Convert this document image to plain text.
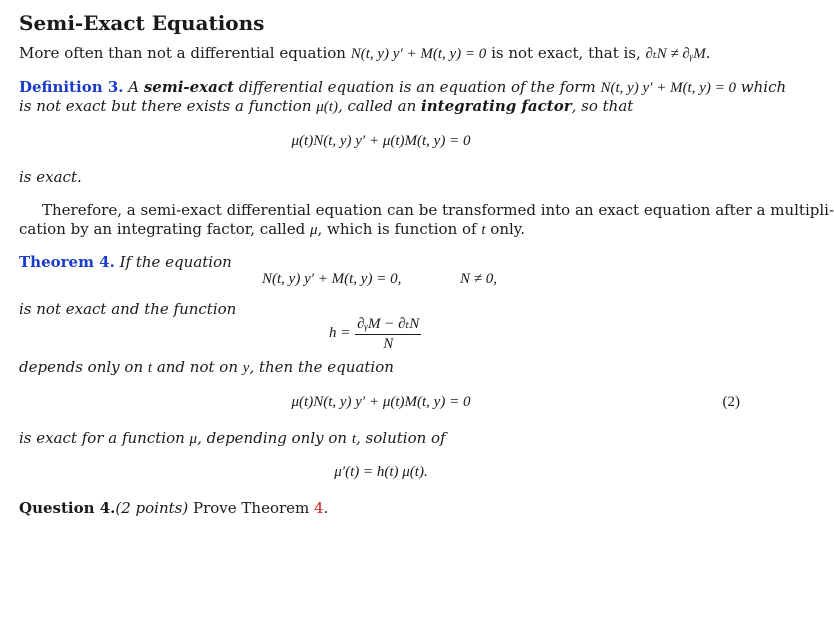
Semi-Exact Equations
More often than not a differential equation N(t, y) y′ + M(t, y) = 0 is not exact, that is, ∂ₜN ≠ ∂ᵧM.
Definition 3. A semi-exact differential equation is an equation of the form N(t, y) y′ + M(t, y) = 0 which
is not exact but there exists a function μ(t), called an integrating factor, so that
μ(t)N(t, y) y′ + μ(t)M(t, y) = 0
is exact.
Therefore, a semi-exact differential equation can be transformed into an exact equation after a multipli-
cation by an integrating factor, called μ, which is function of t only.
Theorem 4. If the equation
N(t, y) y′ + M(t, y) = 0,	N ≠ 0,
is not exact and the function
$h = \frac{\text{∂ᵧM − ∂ₜN}}{N}$
depends only on t and not on y, then the equation
μ(t)N(t, y) y′ + μ(t)M(t, y) = 0	(2)
is exact for a function μ, depending only on t, solution of
μ′(t) = h(t) μ(t).
Question 4.(2 points) Prove Theorem 4.
